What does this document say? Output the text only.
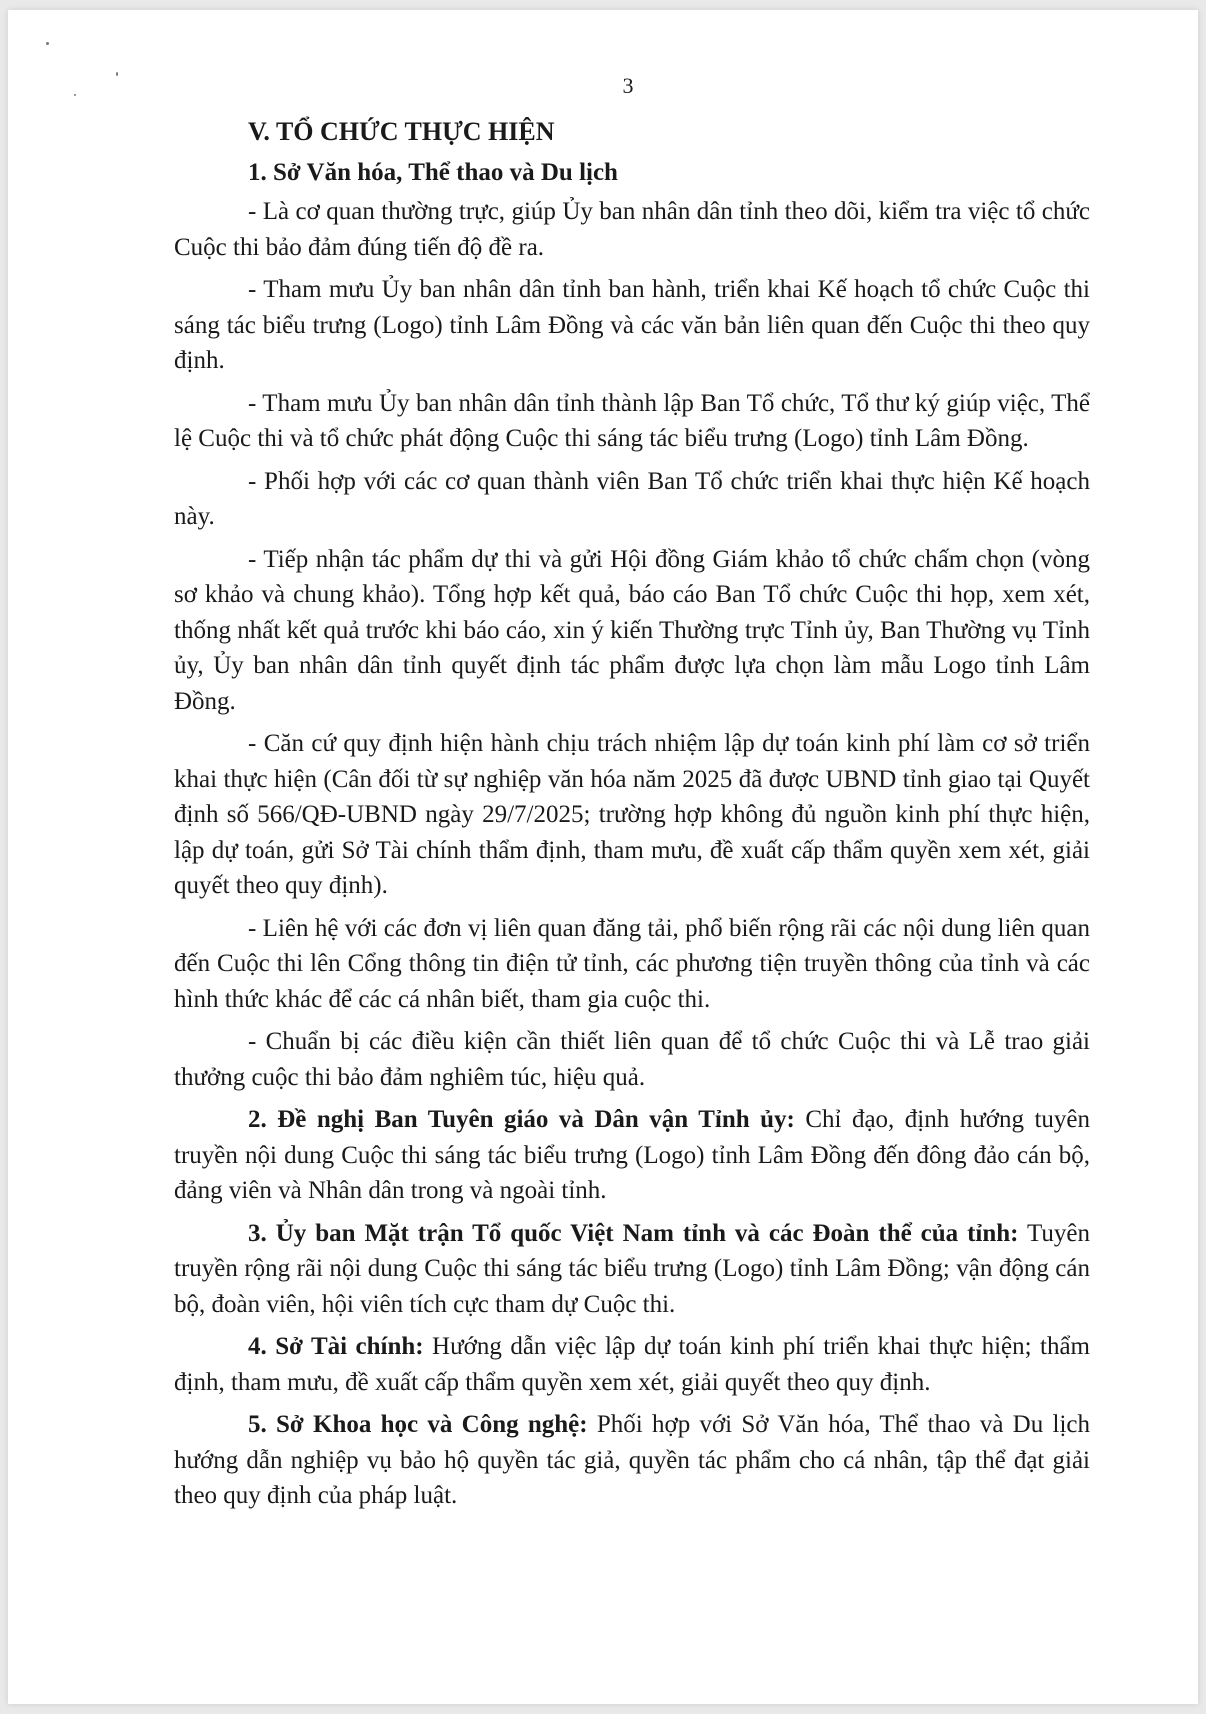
3

V. TỔ CHỨC THỰC HIỆN

1. Sở Văn hóa, Thể thao và Du lịch

- Là cơ quan thường trực, giúp Ủy ban nhân dân tỉnh theo dõi, kiểm tra việc tổ chức Cuộc thi bảo đảm đúng tiến độ đề ra.

- Tham mưu Ủy ban nhân dân tỉnh ban hành, triển khai Kế hoạch tổ chức Cuộc thi sáng tác biểu trưng (Logo) tỉnh Lâm Đồng và các văn bản liên quan đến Cuộc thi theo quy định.

- Tham mưu Ủy ban nhân dân tỉnh thành lập Ban Tổ chức, Tổ thư ký giúp việc, Thể lệ Cuộc thi và tổ chức phát động Cuộc thi sáng tác biểu trưng (Logo) tỉnh Lâm Đồng.

- Phối hợp với các cơ quan thành viên Ban Tổ chức triển khai thực hiện Kế hoạch này.

- Tiếp nhận tác phẩm dự thi và gửi Hội đồng Giám khảo tổ chức chấm chọn (vòng sơ khảo và chung khảo). Tổng hợp kết quả, báo cáo Ban Tổ chức Cuộc thi họp, xem xét, thống nhất kết quả trước khi báo cáo, xin ý kiến Thường trực Tỉnh ủy, Ban Thường vụ Tỉnh ủy, Ủy ban nhân dân tỉnh quyết định tác phẩm được lựa chọn làm mẫu Logo tỉnh Lâm Đồng.

- Căn cứ quy định hiện hành chịu trách nhiệm lập dự toán kinh phí làm cơ sở triển khai thực hiện (Cân đối từ sự nghiệp văn hóa năm 2025 đã được UBND tỉnh giao tại Quyết định số 566/QĐ-UBND ngày 29/7/2025; trường hợp không đủ nguồn kinh phí thực hiện, lập dự toán, gửi Sở Tài chính thẩm định, tham mưu, đề xuất cấp thẩm quyền xem xét, giải quyết theo quy định).

- Liên hệ với các đơn vị liên quan đăng tải, phổ biến rộng rãi các nội dung liên quan đến Cuộc thi lên Cổng thông tin điện tử tỉnh, các phương tiện truyền thông của tỉnh và các hình thức khác để các cá nhân biết, tham gia cuộc thi.

- Chuẩn bị các điều kiện cần thiết liên quan để tổ chức Cuộc thi và Lễ trao giải thưởng cuộc thi bảo đảm nghiêm túc, hiệu quả.

2. Đề nghị Ban Tuyên giáo và Dân vận Tỉnh ủy: Chỉ đạo, định hướng tuyên truyền nội dung Cuộc thi sáng tác biểu trưng (Logo) tỉnh Lâm Đồng đến đông đảo cán bộ, đảng viên và Nhân dân trong và ngoài tỉnh.

3. Ủy ban Mặt trận Tổ quốc Việt Nam tỉnh và các Đoàn thể của tỉnh: Tuyên truyền rộng rãi nội dung Cuộc thi sáng tác biểu trưng (Logo) tỉnh Lâm Đồng; vận động cán bộ, đoàn viên, hội viên tích cực tham dự Cuộc thi.

4. Sở Tài chính: Hướng dẫn việc lập dự toán kinh phí triển khai thực hiện; thẩm định, tham mưu, đề xuất cấp thẩm quyền xem xét, giải quyết theo quy định.

5. Sở Khoa học và Công nghệ: Phối hợp với Sở Văn hóa, Thể thao và Du lịch hướng dẫn nghiệp vụ bảo hộ quyền tác giả, quyền tác phẩm cho cá nhân, tập thể đạt giải theo quy định của pháp luật.
